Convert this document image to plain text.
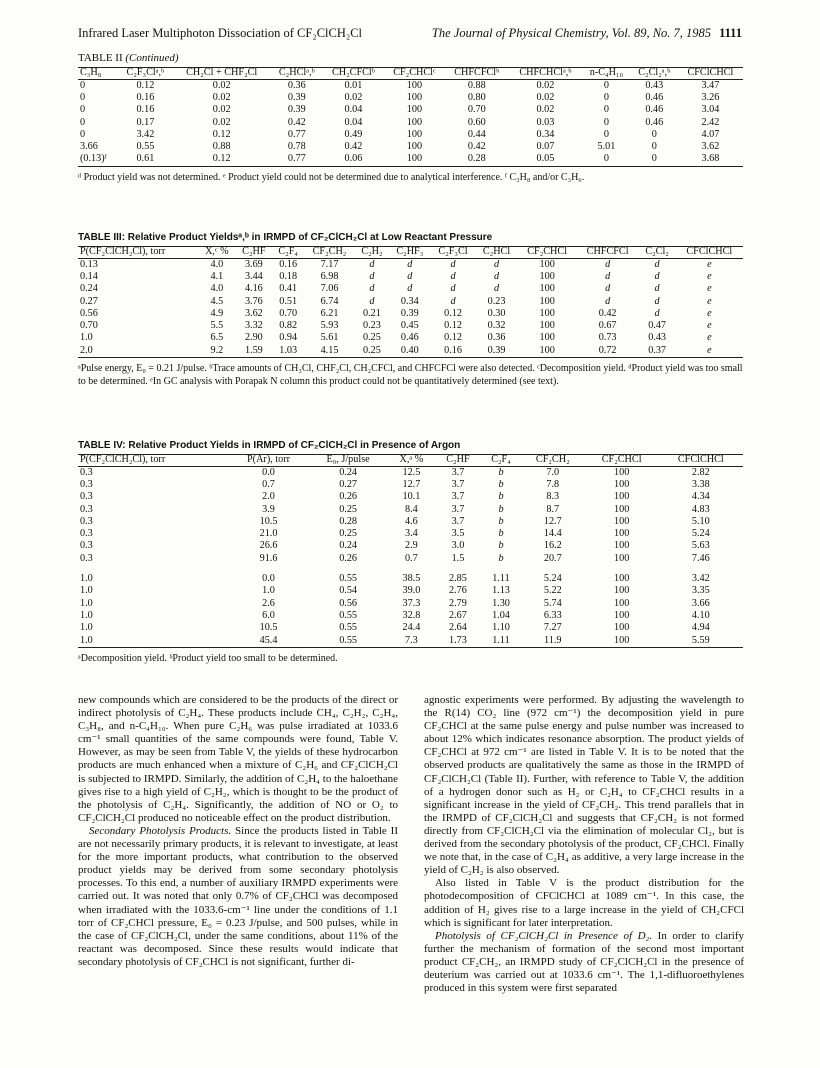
Infrared Laser Multiphoton Dissociation of CF₂ClCH₂Cl	The Journal of Physical Chemistry, Vol. 89, No. 7, 1985 1111
TABLE II (Continued)
C₃H₈	C₂F₃Clᵃ,ᵇ	CH₂Cl + CHF₂Cl	C₂HClᵃ,ᵇ	CH₂CFClᵇ	CF₂CHClᶜ	CHFCFClᵇ	CHFCHClᵃ,ᵇ	n-C₄H₁₀	C₂Cl₂ᵃ,ᵇ	CFClCHCl
0	0.12	0.02	0.36	0.01	100	0.88	0.02	0	0.43	3.47
0	0.16	0.02	0.39	0.02	100	0.80	0.02	0	0.46	3.26
0	0.16	0.02	0.39	0.04	100	0.70	0.02	0	0.46	3.04
0	0.17	0.02	0.42	0.04	100	0.60	0.03	0	0.46	2.42
0	3.42	0.12	0.77	0.49	100	0.44	0.34	0	0	4.07
3.66	0.55	0.88	0.78	0.42	100	0.42	0.07	5.01	0	3.62
(0.13)ᶠ	0.61	0.12	0.77	0.06	100	0.28	0.05	0	0	3.68
ᵈ Product yield was not determined. ᵉ Product yield could not be determined due to analytical interference. ᶠ C₃H₈ and/or C₃H₆.
TABLE III: Relative Product Yieldsᵃ,ᵇ in IRMPD of CF₂ClCH₂Cl at Low Reactant Pressure
P(CF₂ClCH₂Cl), torr	X,ᶜ %	C₂HF	C₂F₄	CF₂CH₂	C₂H₂	C₂HF₃	C₂F₃Cl	C₂HCl	CF₂CHCl	CHFCFCl	C₂Cl₂	CFClCHCl
0.13	4.0	3.69	0.16	7.17	d	d	d	d	100	d	d	e
0.14	4.1	3.44	0.18	6.98	d	d	d	d	100	d	d	e
0.24	4.0	4.16	0.41	7.06	d	d	d	d	100	d	d	e
0.27	4.5	3.76	0.51	6.74	d	0.34	d	0.23	100	d	d	e
0.56	4.9	3.62	0.70	6.21	0.21	0.39	0.12	0.30	100	0.42	d	e
0.70	5.5	3.32	0.82	5.93	0.23	0.45	0.12	0.32	100	0.67	0.47	e
1.0	6.5	2.90	0.94	5.61	0.25	0.46	0.12	0.36	100	0.73	0.43	e
2.0	9.2	1.59	1.03	4.15	0.25	0.40	0.16	0.39	100	0.72	0.37	e
ᵃPulse energy, E₀ = 0.21 J/pulse. ᵇTrace amounts of CH₃Cl, CHF₂Cl, CH₂CFCl, and CHFCFCl were also detected. ᶜDecomposition yield. ᵈProduct yield was too small to be determined. ᵉIn GC analysis with Porapak N column this product could not be quantitatively determined (see text).
TABLE IV: Relative Product Yields in IRMPD of CF₂ClCH₂Cl in Presence of Argon
P(CF₂ClCH₂Cl), torr	P(Ar), torr	E₀, J/pulse	X,ᵃ %	C₂HF	C₂F₄	CF₂CH₂	CF₂CHCl	CFClCHCl
0.3	0.0	0.24	12.5	3.7	b	7.0	100	2.82
0.3	0.7	0.27	12.7	3.7	b	7.8	100	3.38
0.3	2.0	0.26	10.1	3.7	b	8.3	100	4.34
0.3	3.9	0.25	8.4	3.7	b	8.7	100	4.83
0.3	10.5	0.28	4.6	3.7	b	12.7	100	5.10
0.3	21.0	0.25	3.4	3.5	b	14.4	100	5.24
0.3	26.6	0.24	2.9	3.0	b	16.2	100	5.63
0.3	91.6	0.26	0.7	1.5	b	20.7	100	7.46
1.0	0.0	0.55	38.5	2.85	1.11	5.24	100	3.42
1.0	1.0	0.54	39.0	2.76	1.13	5.22	100	3.35
1.0	2.6	0.56	37.3	2.79	1.30	5.74	100	3.66
1.0	6.0	0.55	32.8	2.67	1.04	6.33	100	4.10
1.0	10.5	0.55	24.4	2.64	1.10	7.27	100	4.94
1.0	45.4	0.55	7.3	1.73	1.11	11.9	100	5.59
ᵃDecomposition yield. ᵇProduct yield too small to be determined.

new compounds which are considered to be the products of the direct or indirect photolysis of C₂H₄. These products include CH₄, C₂H₂, C₂H₄, C₃H₈, and n-C₄H₁₀. When pure C₂H₆ was pulse irradiated at 1033.6 cm⁻¹ small quantities of the same compounds were found, Table V. However, as may be seen from Table V, the yields of these hydrocarbon products are much enhanced when a mixture of C₂H₆ and CF₂ClCH₂Cl is subjected to IRMPD. Similarly, the addition of C₂H₄ to the haloethane gives rise to a high yield of C₂H₂, which is thought to be the product of the photolysis of C₂H₄. Significantly, the addition of NO or O₂ to CF₂ClCH₂Cl produced no noticeable effect on the product distribution.

Secondary Photolysis Products. Since the products listed in Table II are not necessarily primary products, it is relevant to investigate, at least for the more important products, what contribution to the observed product yields may be derived from some secondary photolysis processes. To this end, a number of auxiliary IRMPD experiments were carried out. It was noted that only 0.7% of CF₂CHCl was decomposed when irradiated with the 1033.6-cm⁻¹ line under the conditions of 1.1 torr of CF₂CHCl pressure, E₀ = 0.23 J/pulse, and 500 pulses, while in the case of CF₂ClCH₂Cl, under the same conditions, about 11% of the reactant was decomposed. Since these results would indicate that secondary photolysis of CF₂CHCl is not significant, further di-

agnostic experiments were performed. By adjusting the wavelength to the R(14) CO₂ line (972 cm⁻¹) the decomposition yield in pure CF₂CHCl at the same pulse energy and pulse number was increased to about 12% which indicates resonance absorption. The product yields of CF₂CHCl at 972 cm⁻¹ are listed in Table V. It is to be noted that the observed products are qualitatively the same as those in the IRMPD of CF₂ClCH₂Cl (Table II). Further, with reference to Table V, the addition of a hydrogen donor such as H₂ or C₂H₄ to CF₂CHCl results in a significant increase in the yield of CF₂CH₂. This trend parallels that in the IRMPD of CF₂ClCH₂Cl and suggests that CF₂CH₂ is not formed directly from CF₂ClCH₂Cl via the elimination of molecular Cl₂, but is derived from the secondary photolysis of the product, CF₂CHCl. Finally we note that, in the case of C₂H₄ as additive, a very large increase in the yield of C₂H₂ is also observed.

Also listed in Table V is the product distribution for the photodecomposition of CFClCHCl at 1089 cm⁻¹. In this case, the addition of H₂ gives rise to a large increase in the yield of CH₂CFCl which is significant for later interpretation.

Photolysis of CF₂ClCH₂Cl in Presence of D₂. In order to clarify further the mechanism of formation of the second most important product CF₂CH₂, an IRMPD study of CF₂ClCH₂Cl in the presence of deuterium was carried out at 1033.6 cm⁻¹. The 1,1-difluoroethylenes produced in this system were first separated
